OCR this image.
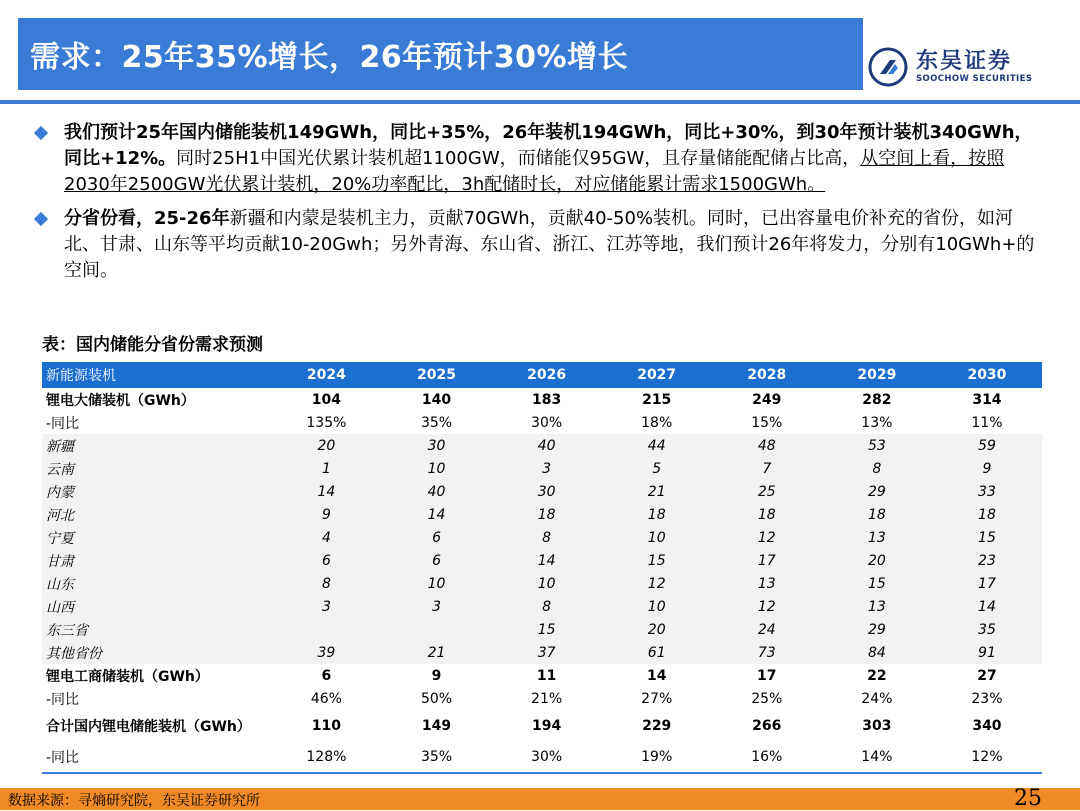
需求：25年35%增长，26年预计30%增长	东吴证券
SOOCHOW SECURITIES
我们预计25年国内储能装机149GWh，同比+35%，26年装机194GWh，同比+30%，到30年预计装机340GWh，同比+12%。同时25H1中国光伏累计装机超1100GW，而储能仅95GW，且存量储能配储占比高，从空间上看，按照2030年2500GW光伏累计装机，20%功率配比，3h配储时长，对应储能累计需求1500GWh。
分省份看，25-26年新疆和内蒙是装机主力，贡献70GWh，贡献40-50%装机。同时，已出容量电价补充的省份，如河北、甘肃、山东等平均贡献10-20Gwh；另外青海、东山省、浙江、江苏等地，我们预计26年将发力，分别有10GWh+的空间。
表：国内储能分省份需求预测
新能源装机	2024	2025	2026	2027	2028	2029	2030
锂电大储装机（GWh）	104	140	183	215	249	282	314
-同比	135%	35%	30%	18%	15%	13%	11%
新疆	20	30	40	44	48	53	59
云南	1	10	3	5	7	8	9
内蒙	14	40	30	21	25	29	33
河北	9	14	18	18	18	18	18
宁夏	4	6	8	10	12	13	15
甘肃	6	6	14	15	17	20	23
山东	8	10	10	12	13	15	17
山西	3	3	8	10	12	13	14
东三省			15	20	24	29	35
其他省份	39	21	37	61	73	84	91
锂电工商储装机（GWh）	6	9	11	14	17	22	27
-同比	46%	50%	21%	27%	25%	24%	23%
合计国内锂电储能装机（GWh）	110	149	194	229	266	303	340
-同比	128%	35%	30%	19%	16%	14%	12%
数据来源：寻熵研究院，东吴证券研究所	25
